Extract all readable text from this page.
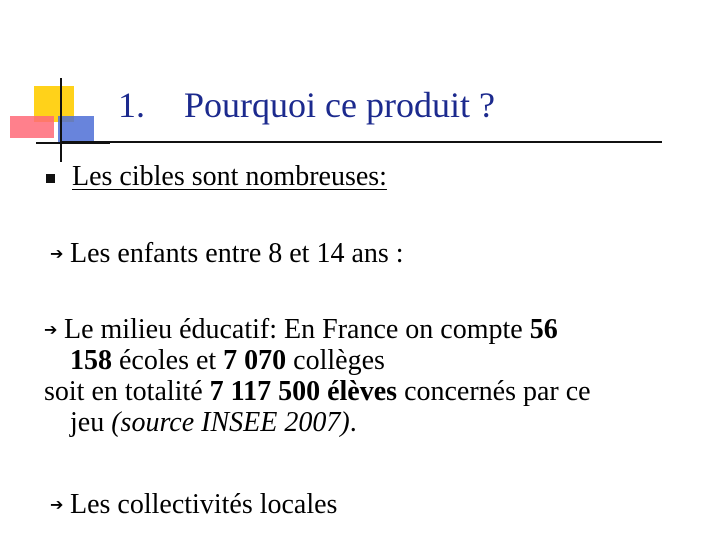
1. Pourquoi ce produit ?
Les cibles sont nombreuses:
➔ Les enfants entre 8 et 14 ans :
➔ Le milieu éducatif: En France on compte 56
158 écoles et 7 070 collèges
soit en totalité 7 117 500 élèves concernés par ce
jeu (source INSEE 2007).
➔ Les collectivités locales
